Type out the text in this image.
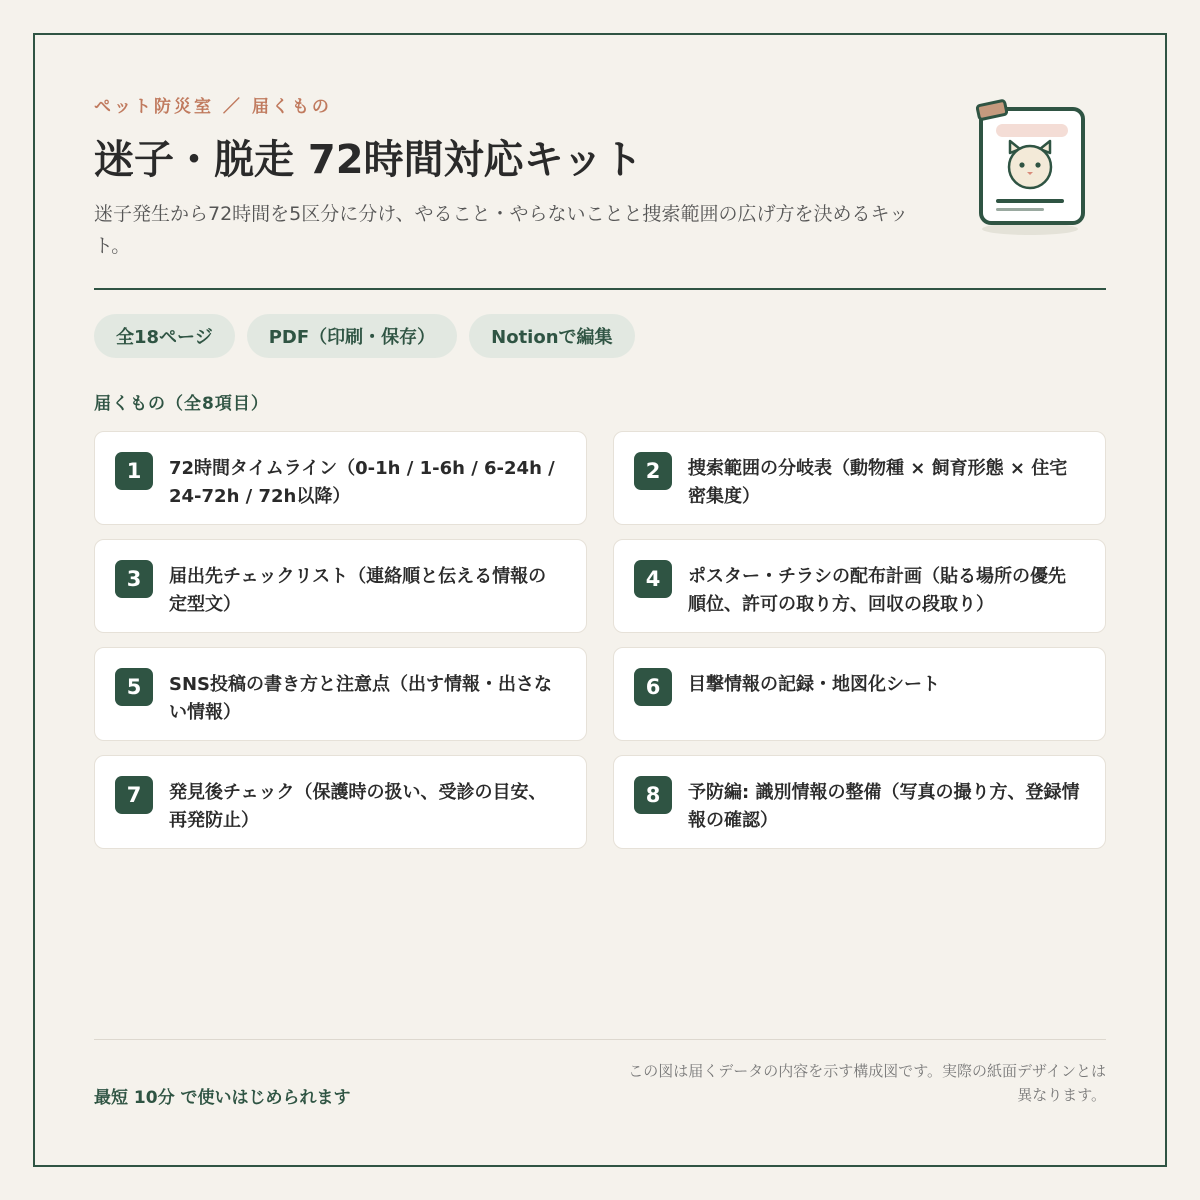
ペット防災室 ／ 届くもの
迷子・脱走 72時間対応キット

迷子発生から72時間を5区分に分け、やること・やらないことと捜索範囲の広げ方を決めるキット。

全18ページ	PDF（印刷・保存）	Notionで編集
届くもの（全8項目）
1	72時間タイムライン（0-1h / 1-6h / 6-24h / 24-72h / 72h以降）
2	捜索範囲の分岐表（動物種 × 飼育形態 × 住宅密集度）
3	届出先チェックリスト（連絡順と伝える情報の定型文）
4	ポスター・チラシの配布計画（貼る場所の優先順位、許可の取り方、回収の段取り）
5	SNS投稿の書き方と注意点（出す情報・出さない情報）
6	目撃情報の記録・地図化シート
7	発見後チェック（保護時の扱い、受診の目安、再発防止）
8	予防編: 識別情報の整備（写真の撮り方、登録情報の確認）
最短 10分 で使いはじめられます
この図は届くデータの内容を示す構成図です。実際の紙面デザインとは異なります。
